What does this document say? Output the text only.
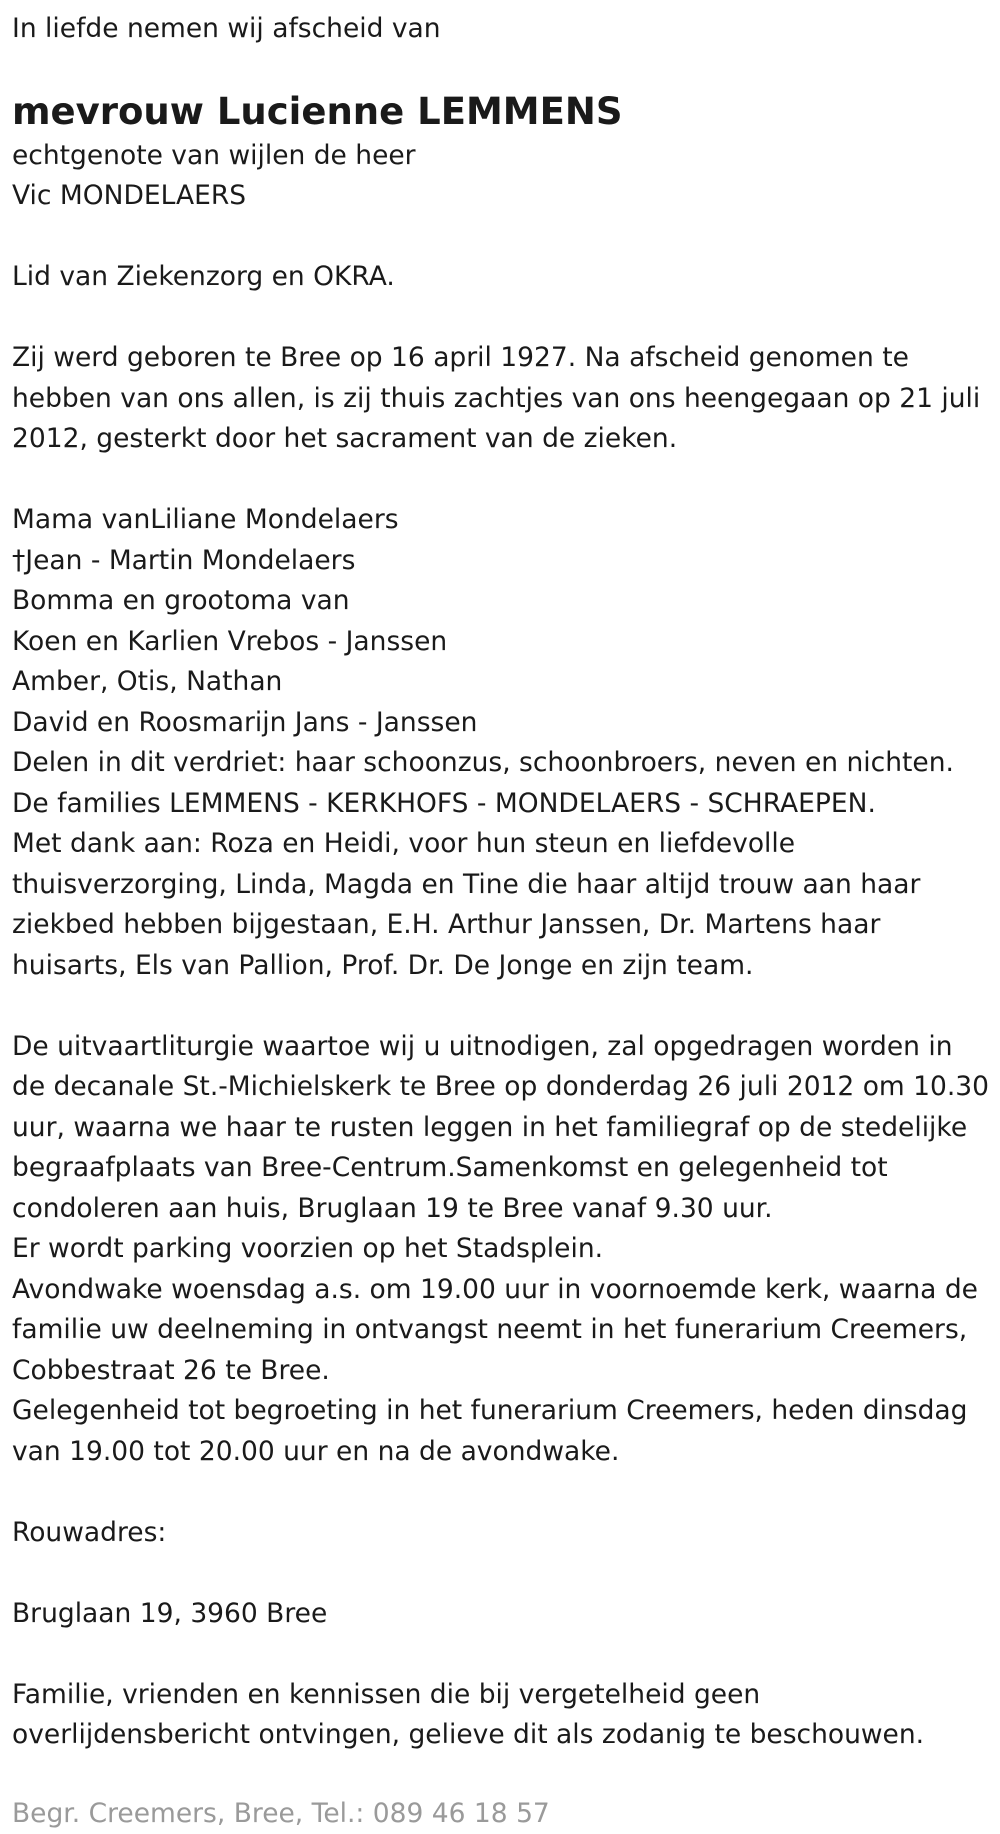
In liefde nemen wij afscheid van

mevrouw Lucienne LEMMENS

echtgenote van wijlen de heer

Vic MONDELAERS

Lid van Ziekenzorg en OKRA.

Zij werd geboren te Bree op 16 april 1927. Na afscheid genomen te

hebben van ons allen, is zij thuis zachtjes van ons heengegaan op 21 juli

2012, gesterkt door het sacrament van de zieken.

Mama vanLiliane Mondelaers

†Jean - Martin Mondelaers

Bomma en grootoma van

Koen en Karlien Vrebos - Janssen

Amber, Otis, Nathan

David en Roosmarijn Jans - Janssen

Delen in dit verdriet: haar schoonzus, schoonbroers, neven en nichten.

De families LEMMENS - KERKHOFS - MONDELAERS - SCHRAEPEN.

Met dank aan: Roza en Heidi, voor hun steun en liefdevolle

thuisverzorging, Linda, Magda en Tine die haar altijd trouw aan haar

ziekbed hebben bijgestaan, E.H. Arthur Janssen, Dr. Martens haar

huisarts, Els van Pallion, Prof. Dr. De Jonge en zijn team.

De uitvaartliturgie waartoe wij u uitnodigen, zal opgedragen worden in

de decanale St.-Michielskerk te Bree op donderdag 26 juli 2012 om 10.30

uur, waarna we haar te rusten leggen in het familiegraf op de stedelijke

begraafplaats van Bree-Centrum.Samenkomst en gelegenheid tot

condoleren aan huis, Bruglaan 19 te Bree vanaf 9.30 uur.

Er wordt parking voorzien op het Stadsplein.

Avondwake woensdag a.s. om 19.00 uur in voornoemde kerk, waarna de

familie uw deelneming in ontvangst neemt in het funerarium Creemers,

Cobbestraat 26 te Bree.

Gelegenheid tot begroeting in het funerarium Creemers, heden dinsdag

van 19.00 tot 20.00 uur en na de avondwake.

Rouwadres:

Bruglaan 19, 3960 Bree

Familie, vrienden en kennissen die bij vergetelheid geen

overlijdensbericht ontvingen, gelieve dit als zodanig te beschouwen.

Begr. Creemers, Bree, Tel.: 089 46 18 57
